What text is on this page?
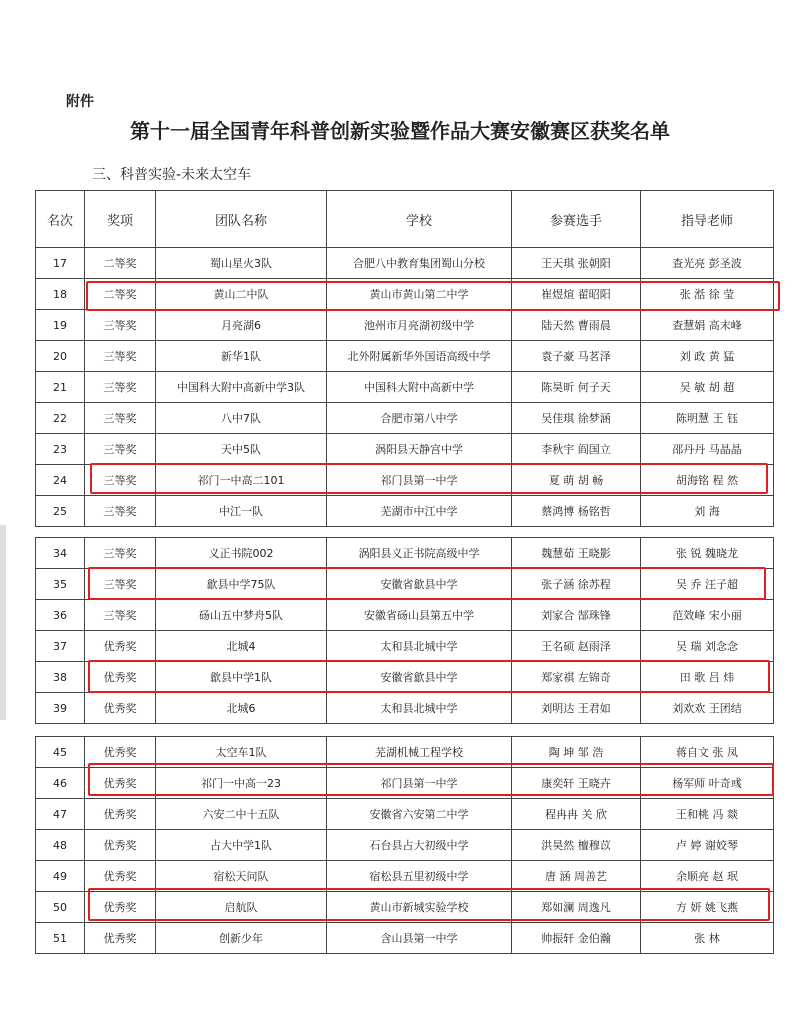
附件
第十一届全国青年科普创新实验暨作品大赛安徽赛区获奖名单
三、科普实验-未来太空车
名次	奖项	团队名称	学校	参赛选手	指导老师
17	二等奖	蜀山星火3队	合肥八中教育集团蜀山分校	王天琪 张朝阳	查光亮 彭圣波
18	二等奖	黄山二中队	黄山市黄山第二中学	崔煜煊 翟昭阳	张 湉 徐 莹
19	三等奖	月亮湖6	池州市月亮湖初级中学	陆天然 曹雨晨	查慧娟 高末峰
20	三等奖	新华1队	北外附属新华外国语高级中学	袁子豪 马茗泽	刘 政 黄 猛
21	三等奖	中国科大附中高新中学3队	中国科大附中高新中学	陈昊昕 何子天	吴 敏 胡 超
22	三等奖	八中7队	合肥市第八中学	吴佳琪 徐梦涵	陈明慧 王 钰
23	三等奖	天中5队	涡阳县天静宫中学	李秋宇 阎国立	邵丹丹 马晶晶
24	三等奖	祁门一中高二101	祁门县第一中学	夏 萌 胡 畅	胡海铭 程 然
25	三等奖	中江一队	芜湖市中江中学	蔡鸿博 杨铭哲	刘 海
34	三等奖	义正书院002	涡阳县义正书院高级中学	魏慧茹 王晓影	张 锐 魏晓龙
35	三等奖	歙县中学75队	安徽省歙县中学	张子涵 徐苏程	吴 乔 汪子超
36	三等奖	砀山五中梦舟5队	安徽省砀山县第五中学	刘家合 郜珠锋	范效峰 宋小丽
37	优秀奖	北城4	太和县北城中学	王名硕 赵雨泽	吴 瑞 刘念念
38	优秀奖	歙县中学1队	安徽省歙县中学	郑家祺 左锦奇	田 歌 吕 炜
39	优秀奖	北城6	太和县北城中学	刘明达 王君如	刘欢欢 王团结
45	优秀奖	太空车1队	芜湖机械工程学校	陶 坤 邹 浩	蒋自文 张 凤
46	优秀奖	祁门一中高一23	祁门县第一中学	康奕轩 王晓卉	杨军师 叶奇彧
47	优秀奖	六安二中十五队	安徽省六安第二中学	程冉冉 关 欣	王和桃 冯 燚
48	优秀奖	占大中学1队	石台县占大初级中学	洪昊然 檀穆苡	卢 婷 谢姣琴
49	优秀奖	宿松天问队	宿松县五里初级中学	唐 涵 周善艺	余顺亮 赵 珉
50	优秀奖	启航队	黄山市新城实验学校	郑如澜 周逸凡	方 妍 姚飞燕
51	优秀奖	创新少年	含山县第一中学	帅振轩 金伯瀚	张 林
